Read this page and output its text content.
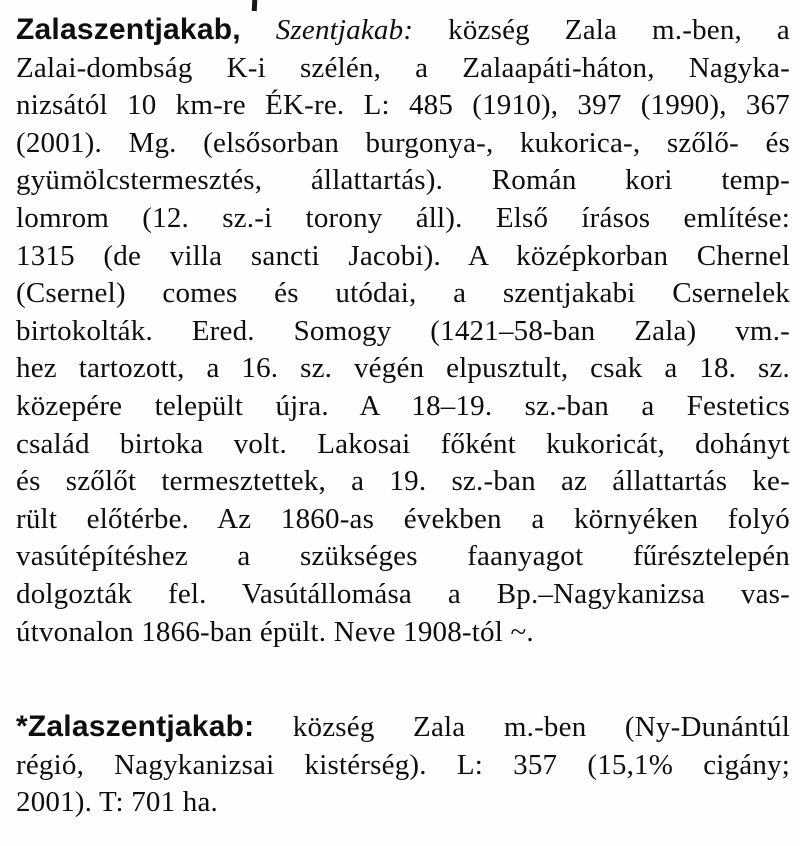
Zalaszentjakab, Szentjakab: község Zala m.-ben, a
Zalai-dombság K-i szélén, a Zalaapáti-háton, Nagyka-
nizsától 10 km-re ÉK-re. L: 485 (1910), 397 (1990), 367
(2001). Mg. (elsősorban burgonya-, kukorica-, szőlő- és
gyümölcstermesztés, állattartás). Román kori temp-
lomrom (12. sz.-i torony áll). Első írásos említése:
1315 (de villa sancti Jacobi). A középkorban Chernel
(Csernel) comes és utódai, a szentjakabi Csernelek
birtokolták. Ered. Somogy (1421–58-ban Zala) vm.-
hez tartozott, a 16. sz. végén elpusztult, csak a 18. sz.
közepére települt újra. A 18–19. sz.-ban a Festetics
család birtoka volt. Lakosai főként kukoricát, dohányt
és szőlőt termesztettek, a 19. sz.-ban az állattartás ke-
rült előtérbe. Az 1860-as években a környéken folyó
vasútépítéshez a szükséges faanyagot fűrésztelepén
dolgozták fel. Vasútállomása a Bp.–Nagykanizsa vas-
útvonalon 1866-ban épült. Neve 1908-tól ~.
*Zalaszentjakab: község Zala m.-ben (Ny-Dunántúl
régió, Nagykanizsai kistérség). L: 357 (15,1% cigány;
2001). T: 701 ha.
